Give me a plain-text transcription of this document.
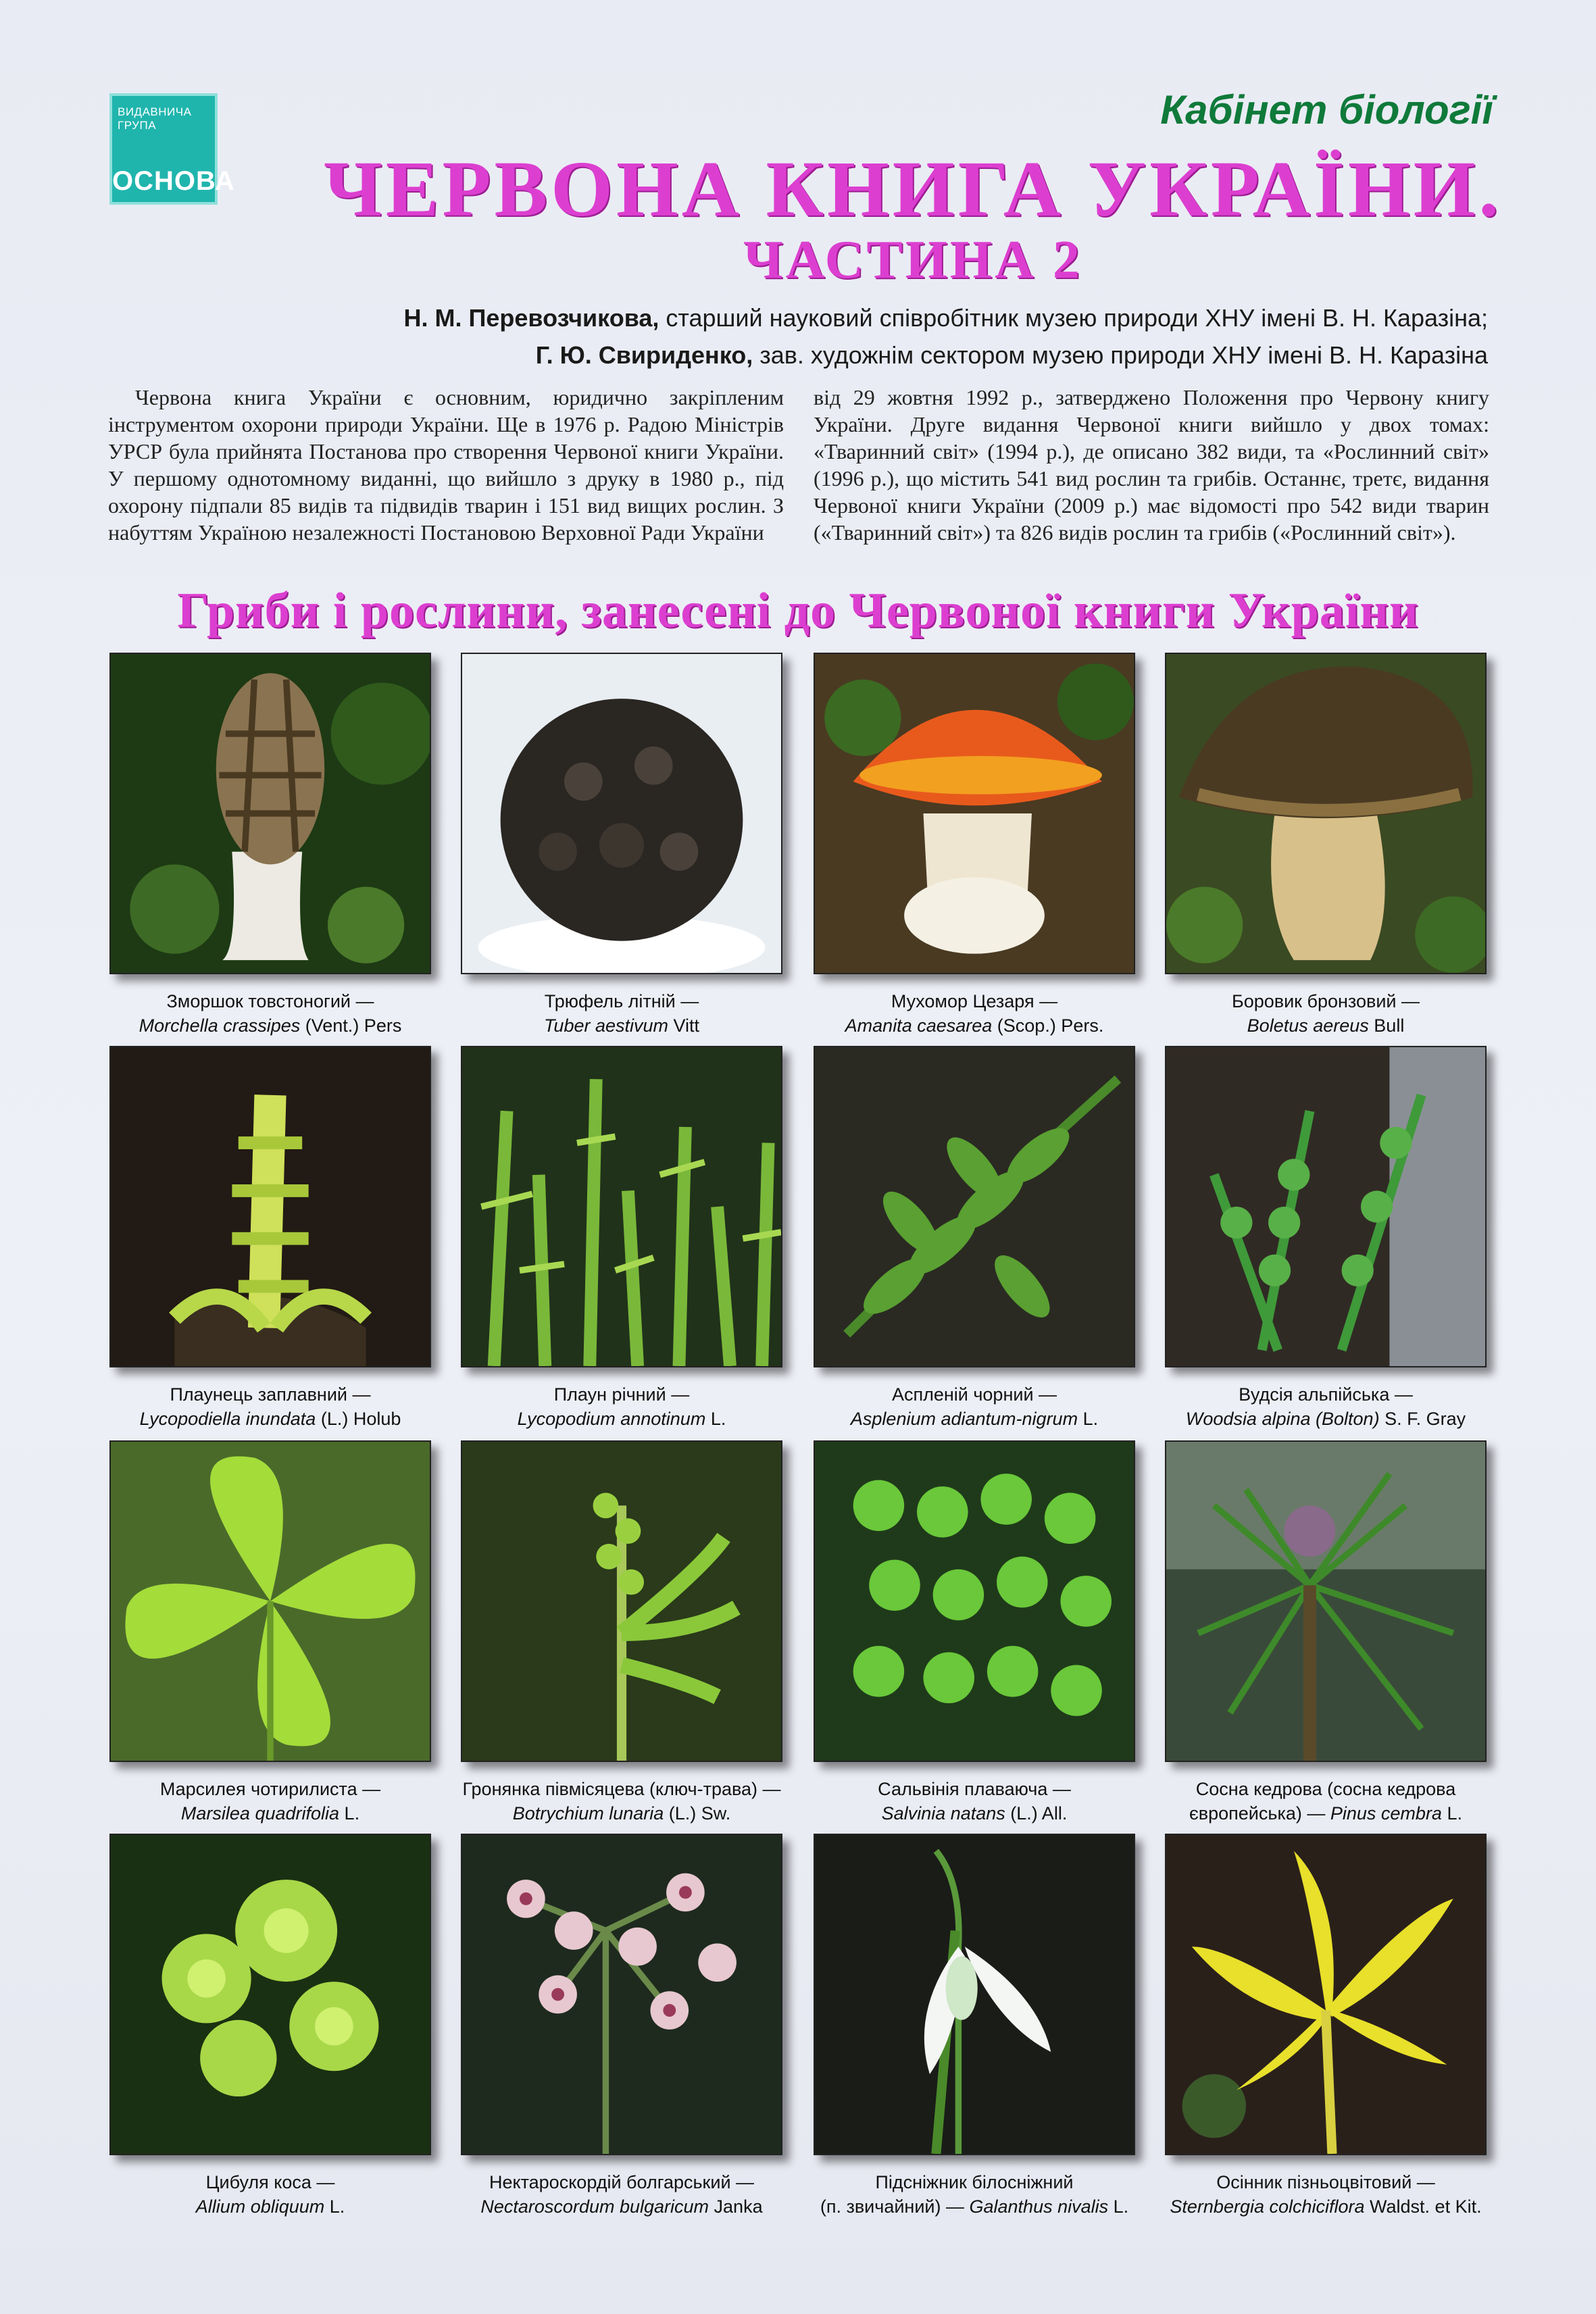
ВИДАВНИЧА
ГРУПА
ОСНОВА
Кабінет біології
ЧЕРВОНА КНИГА УКРАЇНИ.
ЧАСТИНА 2
Н. М. Перевозчикова, старший науковий співробітник музею природи ХНУ імені В. Н. Каразіна;
Г. Ю. Свириденко, зав. художнім сектором музею природи ХНУ імені В. Н. Каразіна

Червона книга України є основним, юридично закріпленим інструментом охорони природи України. Ще в 1976 р. Радою Міністрів УРСР була прийнята Постанова про створення Червоної книги України. У першому однотомному виданні, що вийшло з друку в 1980 р., під охорону підпали 85 видів та підвидів тварин і 151 вид вищих рослин. З набуттям Україною незалежності Постановою Верховної Ради України

від 29 жовтня 1992 р., затверджено Положення про Червону книгу України. Друге видання Червоної книги вийшло у двох томах: «Тваринний світ» (1994 р.), де описано 382 види, та «Рослинний світ» (1996 р.), що містить 541 вид рослин та грибів. Останнє, третє, видання Червоної книги України (2009 р.) має відомості про 542 види тварин («Тваринний світ») та 826 видів рослин та грибів («Рослинний світ»).

Гриби і рослини, занесені до Червоної книги України
Зморшок товстоногий —
Morchella crassipes (Vent.) Pers
Трюфель літній —
Tuber aestivum Vitt
Мухомор Цезаря —
Amanita caesarea (Scop.) Pers.
Боровик бронзовий —
Boletus aereus Bull
Плаунець заплавний —
Lycopodiella inundata (L.) Holub
Плаун річний —
Lycopodium annotinum L.
Асплeній чорний —
Asplenium adiantum-nigrum L.
Вудсія альпійська —
Woodsia alpina (Bolton) S. F. Gray
Марсилея чотирилиста —
Marsilea quadrifolia L.
Гронянка півмісяцева (ключ-трава) —
Botrychium lunaria (L.) Sw.
Сальвінія плаваюча —
Salvinia natans (L.) All.
Сосна кедрова (сосна кедрова
європейська) — Pinus cembra L.
Цибуля коса —
Allium obliquum L.
Нектароскордій болгарський —
Nectaroscordum bulgaricum Janka
Підсніжник білосніжний
(п. звичайний) — Galanthus nivalis L.
Осінник пізньоцвітовий —
Sternbergia colchiciflora Waldst. et Kit.
